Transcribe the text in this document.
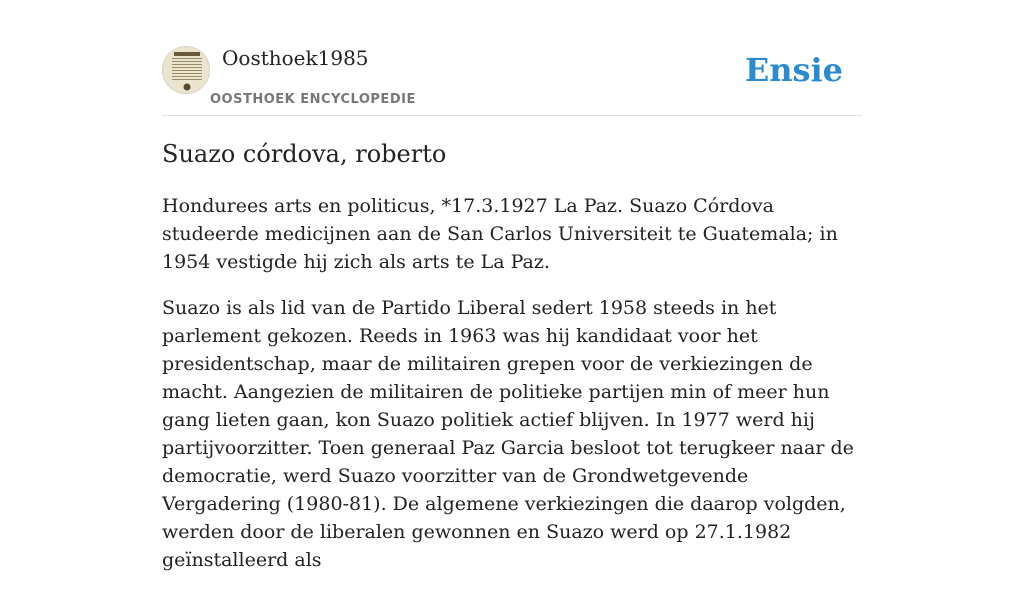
Oosthoek1985
OOSTHOEK ENCYCLOPEDIE
Ensie
Suazo córdova, roberto

Hondurees arts en politicus, *17.3.1927 La Paz. Suazo Córdova studeerde medicijnen aan de San Carlos Universiteit te Guatemala; in 1954 vestigde hij zich als arts te La Paz.

Suazo is als lid van de Partido Liberal sedert 1958 steeds in het parlement gekozen. Reeds in 1963 was hij kandidaat voor het presidentschap, maar de militairen grepen voor de verkiezingen de macht. Aangezien de militairen de politieke partijen min of meer hun gang lieten gaan, kon Suazo politiek actief blijven. In 1977 werd hij partijvoorzitter. Toen generaal Paz Garcia besloot tot terugkeer naar de democratie, werd Suazo voorzitter van de Grondwetgevende Vergadering (1980-81). De algemene verkiezingen die daarop volgden, werden door de liberalen gewonnen en Suazo werd op 27.1.1982 geïnstalleerd als
